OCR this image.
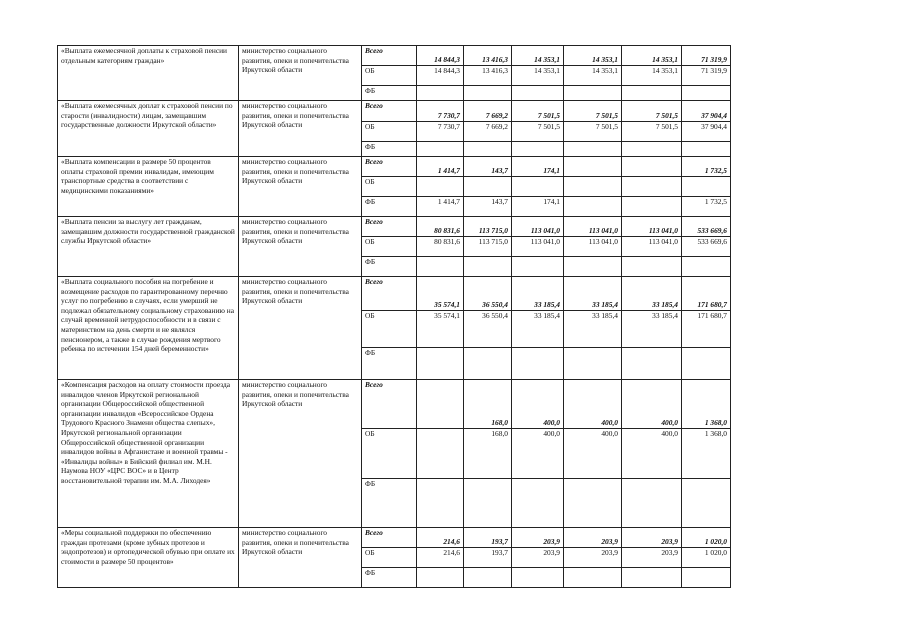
«Выплата ежемесячной доплаты к страховой пенсии отдельным категориям граждан»	министерство социального развития, опеки и попечительства Иркутской области	Всего	14 844,3	13 416,3	14 353,1	14 353,1	14 353,1	71 319,9
		ОБ	14 844,3	13 416,3	14 353,1	14 353,1	14 353,1	71 319,9
		ФБ						
«Выплата ежемесячных доплат к страховой пенсии по старости (инвалидности) лицам, замещавшим государственные должности Иркутской области»	министерство социального развития, опеки и попечительства Иркутской области	Всего	7 730,7	7 669,2	7 501,5	7 501,5	7 501,5	37 904,4
		ОБ	7 730,7	7 669,2	7 501,5	7 501,5	7 501,5	37 904,4
		ФБ						
«Выплата компенсации в размере 50 процентов оплаты страховой премии инвалидам, имеющим транспортные средства в соответствии с медицинскими показаниями»	министерство социального развития, опеки и попечительства Иркутской области	Всего	1 414,7	143,7	174,1			1 732,5
		ОБ						
		ФБ	1 414,7	143,7	174,1			1 732,5
«Выплата пенсии за выслугу лет гражданам, замещавшим должности государственной гражданской службы Иркутской области»	министерство социального развития, опеки и попечительства Иркутской области	Всего	80 831,6	113 715,0	113 041,0	113 041,0	113 041,0	533 669,6
		ОБ	80 831,6	113 715,0	113 041,0	113 041,0	113 041,0	533 669,6
		ФБ						
«Выплата социального пособия на погребение и возмещение расходов по гарантированному перечню услуг по погребению в случаях, если умерший не подлежал обязательному социальному страхованию на случай временной нетрудоспособности и в связи с материнством на день смерти и не являлся пенсионером, а также в случае рождения мертвого ребенка по истечении 154 дней беременности»	министерство социального развития, опеки и попечительства Иркутской области	Всего	35 574,1	36 550,4	33 185,4	33 185,4	33 185,4	171 680,7
		ОБ	35 574,1	36 550,4	33 185,4	33 185,4	33 185,4	171 680,7
		ФБ						
«Компенсация расходов на оплату стоимости проезда инвалидов членов Иркутской региональной организации Общероссийской общественной организации инвалидов «Всероссийское Ордена Трудового Красного Знамени общества слепых», Иркутской региональной организации Общероссийской общественной организации инвалидов войны в Афганистане и военной травмы - «Инвалиды войны» в Бийский филиал им. М.Н. Наумова НОУ «ЦРС ВОС» и в Центр восстановительной терапии им. М.А. Лиходея»	министерство социального развития, опеки и попечительства Иркутской области	Всего		168,0	400,0	400,0	400,0	1 368,0
		ОБ		168,0	400,0	400,0	400,0	1 368,0
		ФБ						
«Меры социальной поддержки по обеспечению граждан протезами (кроме зубных протезов и эндопротезов) и ортопедической обувью при оплате их стоимости в размере 50 процентов»	министерство социального развития, опеки и попечительства Иркутской области	Всего	214,6	193,7	203,9	203,9	203,9	1 020,0
		ОБ	214,6	193,7	203,9	203,9	203,9	1 020,0
		ФБ						
